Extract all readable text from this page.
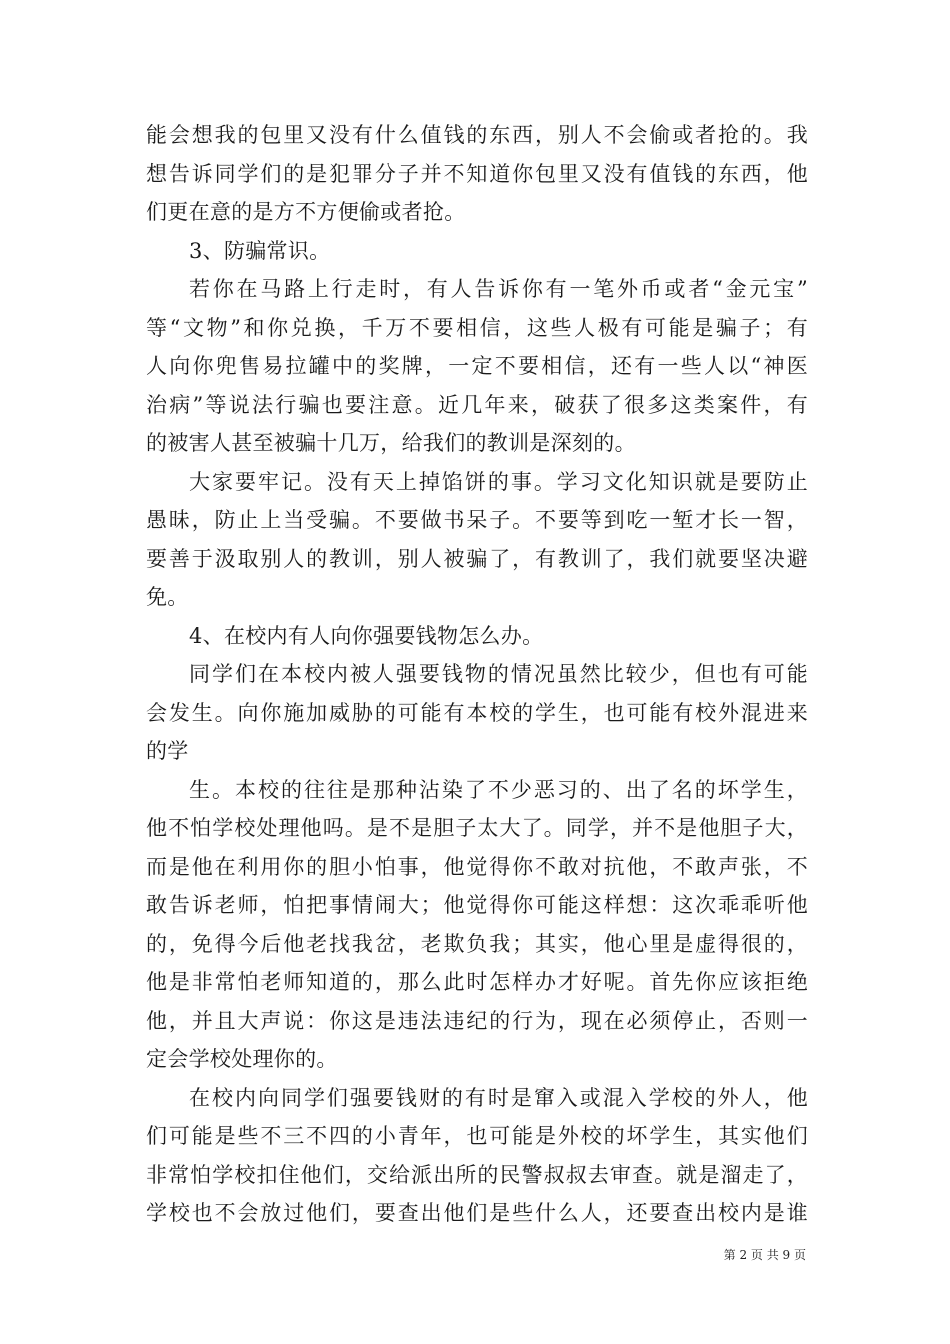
能会想我的包里又没有什么值钱的东西，别人不会偷或者抢的。我
想告诉同学们的是犯罪分子并不知道你包里又没有值钱的东西，他
们更在意的是方不方便偷或者抢。
3、防骗常识。
若你在马路上行走时，有人告诉你有一笔外币或者“金元宝”
等“文物”和你兑换，千万不要相信，这些人极有可能是骗子；有
人向你兜售易拉罐中的奖牌，一定不要相信，还有一些人以“神医
治病”等说法行骗也要注意。近几年来，破获了很多这类案件，有
的被害人甚至被骗十几万，给我们的教训是深刻的。
大家要牢记。没有天上掉馅饼的事。学习文化知识就是要防止
愚昧，防止上当受骗。不要做书呆子。不要等到吃一堑才长一智，
要善于汲取别人的教训，别人被骗了，有教训了，我们就要坚决避
免。
4、在校内有人向你强要钱物怎么办。
同学们在本校内被人强要钱物的情况虽然比较少，但也有可能
会发生。向你施加威胁的可能有本校的学生，也可能有校外混进来
的学
生。本校的往往是那种沾染了不少恶习的、出了名的坏学生，
他不怕学校处理他吗。是不是胆子太大了。同学，并不是他胆子大，
而是他在利用你的胆小怕事，他觉得你不敢对抗他，不敢声张，不
敢告诉老师，怕把事情闹大；他觉得你可能这样想：这次乖乖听他
的，免得今后他老找我岔，老欺负我；其实，他心里是虚得很的，
他是非常怕老师知道的，那么此时怎样办才好呢。首先你应该拒绝
他，并且大声说：你这是违法违纪的行为，现在必须停止，否则一
定会学校处理你的。
在校内向同学们强要钱财的有时是窜入或混入学校的外人，他
们可能是些不三不四的小青年，也可能是外校的坏学生，其实他们
非常怕学校扣住他们，交给派出所的民警叔叔去审查。就是溜走了，
学校也不会放过他们，要查出他们是些什么人，还要查出校内是谁
第 2 页 共 9 页
